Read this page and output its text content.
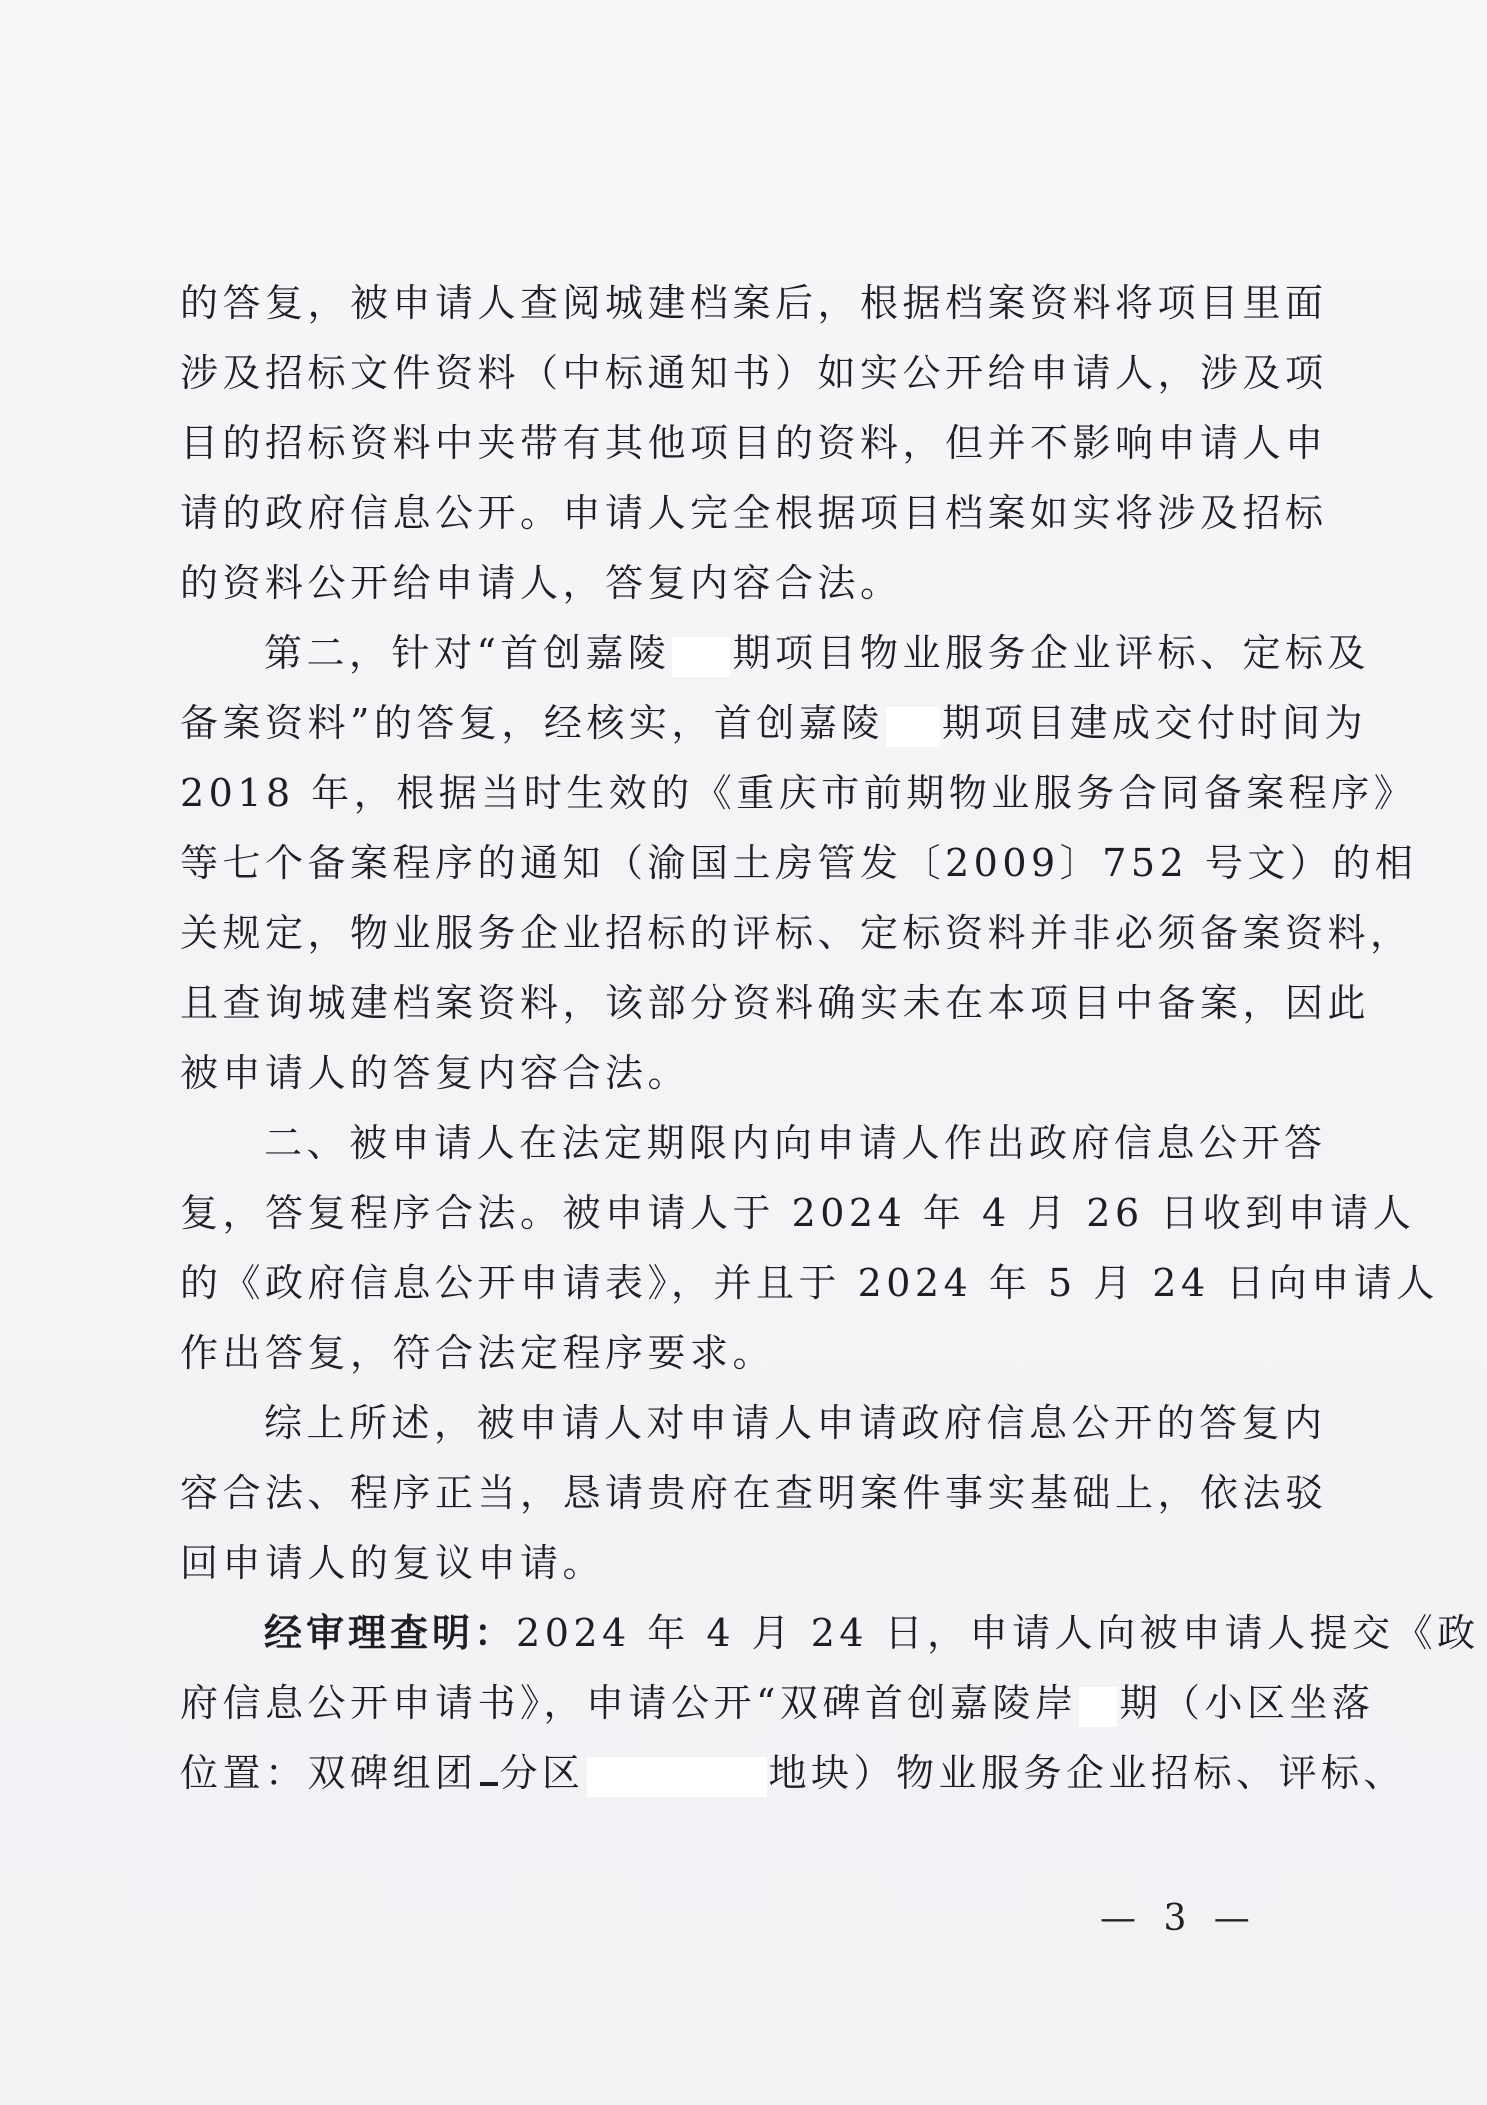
的答复，被申请人查阅城建档案后，根据档案资料将项目里面
涉及招标文件资料（中标通知书）如实公开给申请人，涉及项
目的招标资料中夹带有其他项目的资料，但并不影响申请人申
请的政府信息公开。申请人完全根据项目档案如实将涉及招标
的资料公开给申请人，答复内容合法。
第二，针对“首创嘉陵 期项目物业服务企业评标、定标及
备案资料”的答复，经核实，首创嘉陵 期项目建成交付时间为
2018 年，根据当时生效的《重庆市前期物业服务合同备案程序》
等七个备案程序的通知（渝国土房管发〔2009〕752 号文）的相
关规定，物业服务企业招标的评标、定标资料并非必须备案资料，
且查询城建档案资料，该部分资料确实未在本项目中备案，因此
被申请人的答复内容合法。
二、被申请人在法定期限内向申请人作出政府信息公开答
复，答复程序合法。被申请人于 2024 年 4 月 26 日收到申请人
的《政府信息公开申请表》，并且于 2024 年 5 月 24 日向申请人
作出答复，符合法定程序要求。
综上所述，被申请人对申请人申请政府信息公开的答复内
容合法、程序正当，恳请贵府在查明案件事实基础上，依法驳
回申请人的复议申请。
经审理查明：2024 年 4 月 24 日，申请人向被申请人提交《政
府信息公开申请书》，申请公开“双碑首创嘉陵岸 期（小区坐落
位置：双碑组团 分区	地块）物业服务企业招标、评标、
— 3 —
